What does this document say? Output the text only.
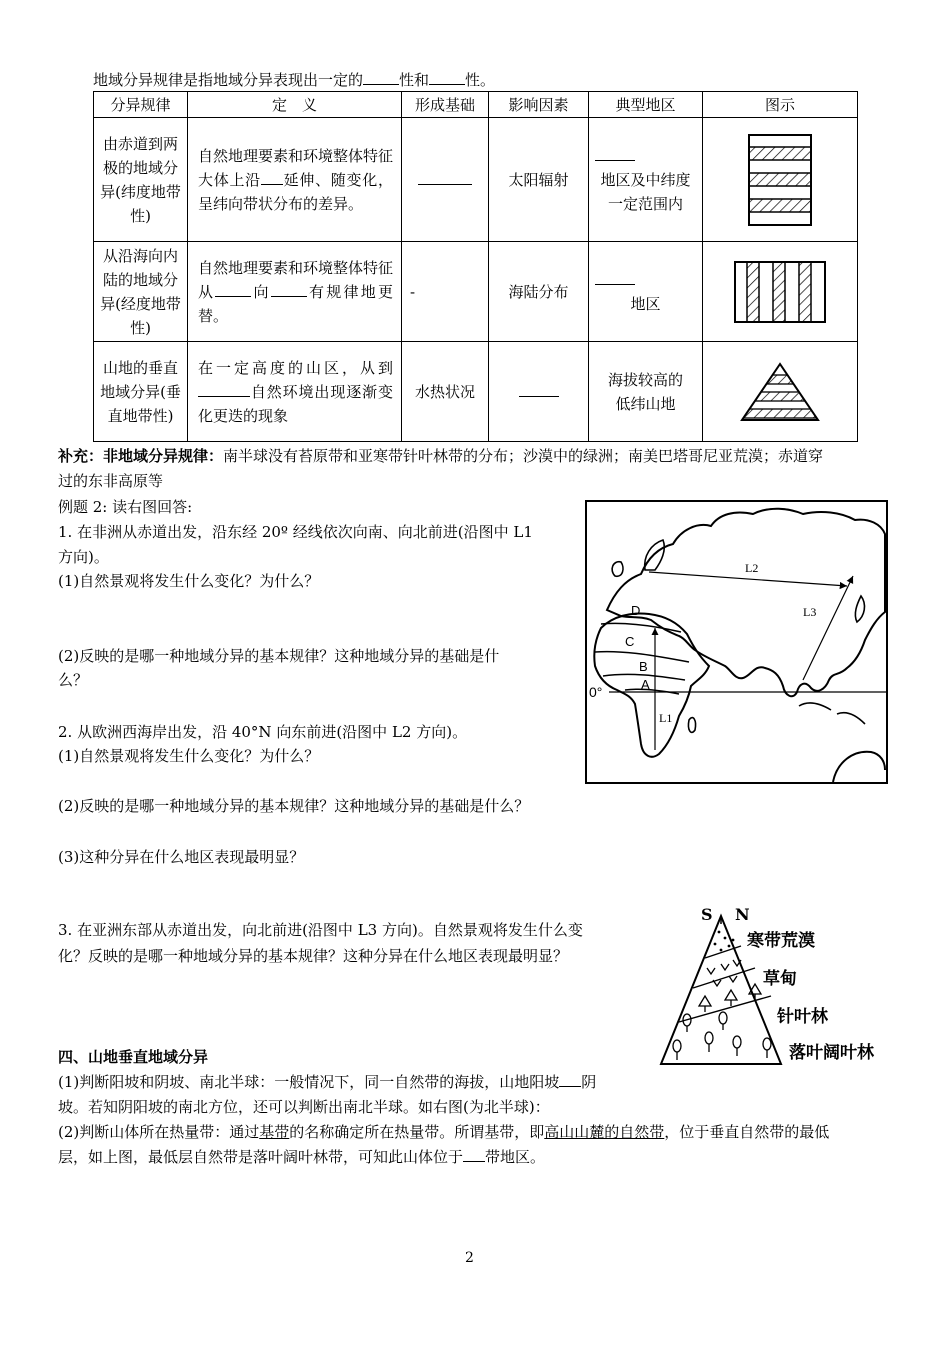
地域分异规律是指地域分异表现出一定的 性和 性。
分异规律	定　义	形成基础	影响因素	典型地区	图示
由赤道到两极的地域分异(纬度地带性)	自然地理要素和环境整体特征大体上沿 延伸、随变化，呈纬向带状分布的差异。		太阳辐射	地区及中纬度一定范围内	

从沿海向内陆的地域分异(经度地带性)	自然地理要素和环境整体特征从 向 有规律地更替。	-	海陆分布	地区	

山地的垂直地域分异(垂直地带性)	在一定高度的山区，从到自然环境出现逐渐变化更迭的现象	水热状况		海拔较高的低纬山地	
补充：非地域分异规律：南半球没有苔原带和亚寒带针叶林带的分布；沙漠中的绿洲；南美巴塔哥尼亚荒漠；赤道穿
过的东非高原等
例题 2: 读右图回答:
1. 在非洲从赤道出发，沿东经 20º 经线依次向南、向北前进(沿图中 L1
方向)。
(1)自然景观将发生什么变化？为什么？
(2)反映的是哪一种地域分异的基本规律？这种地域分异的基础是什
么？
2. 从欧洲西海岸出发，沿 40°N 向东前进(沿图中 L2 方向)。
(1)自然景观将发生什么变化？为什么？
(2)反映的是哪一种地域分异的基本规律？这种地域分异的基础是什么？
(3)这种分异在什么地区表现最明显？
3. 在亚洲东部从赤道出发，向北前进(沿图中 L3 方向)。自然景观将发生什么变
化？反映的是哪一种地域分异的基本规律？这种分异在什么地区表现最明显？
L2
L3
L1
D
C
B
A
0°
S N
寒带荒漠
草甸
针叶林
落叶阔叶林
四、山地垂直地域分异
(1)判断阳坡和阴坡、南北半球：一般情况下，同一自然带的海拔，山地阳坡 阴
坡。若知阴阳坡的南北方位，还可以判断出南北半球。如右图(为北半球)：
(2)判断山体所在热量带：通过基带的名称确定所在热量带。所谓基带，即高山山麓的自然带，位于垂直自然带的最低
层，如上图，最低层自然带是落叶阔叶林带，可知此山体位于 带地区。
2
